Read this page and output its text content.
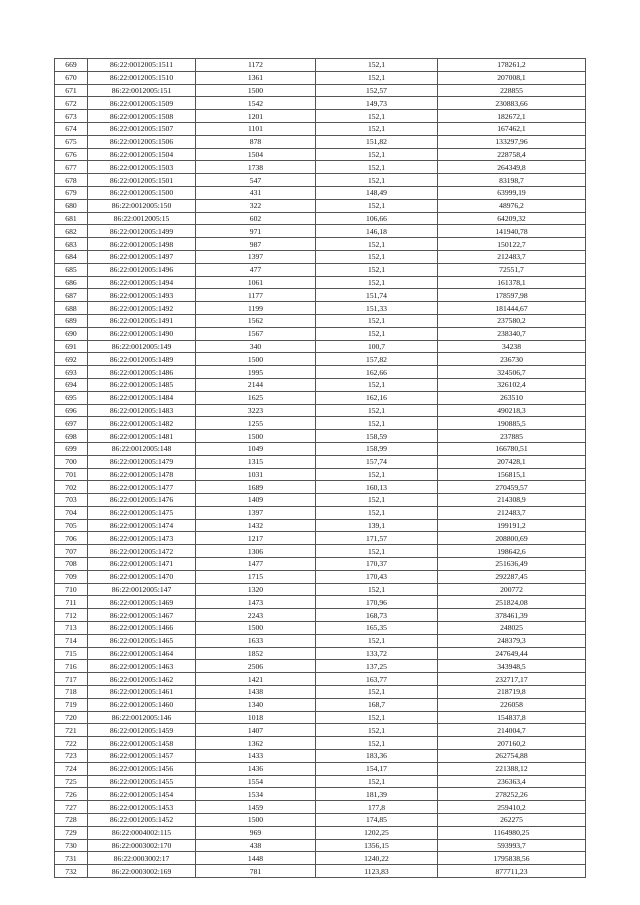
669	86:22:0012005:1511	1172	152,1	178261,2
670	86:22:0012005:1510	1361	152,1	207008,1
671	86:22:0012005:151	1500	152,57	228855
672	86:22:0012005:1509	1542	149,73	230883,66
673	86:22:0012005:1508	1201	152,1	182672,1
674	86:22:0012005:1507	1101	152,1	167462,1
675	86:22:0012005:1506	878	151,82	133297,96
676	86:22:0012005:1504	1504	152,1	228758,4
677	86:22:0012005:1503	1738	152,1	264349,8
678	86:22:0012005:1501	547	152,1	83198,7
679	86:22:0012005:1500	431	148,49	63999,19
680	86:22:0012005:150	322	152,1	48976,2
681	86:22:0012005:15	602	106,66	64209,32
682	86:22:0012005:1499	971	146,18	141940,78
683	86:22:0012005:1498	987	152,1	150122,7
684	86:22:0012005:1497	1397	152,1	212483,7
685	86:22:0012005:1496	477	152,1	72551,7
686	86:22:0012005:1494	1061	152,1	161378,1
687	86:22:0012005:1493	1177	151,74	178597,98
688	86:22:0012005:1492	1199	151,33	181444,67
689	86:22:0012005:1491	1562	152,1	237580,2
690	86:22:0012005:1490	1567	152,1	238340,7
691	86:22:0012005:149	340	100,7	34238
692	86:22:0012005:1489	1500	157,82	236730
693	86:22:0012005:1486	1995	162,66	324506,7
694	86:22:0012005:1485	2144	152,1	326102,4
695	86:22:0012005:1484	1625	162,16	263510
696	86:22:0012005:1483	3223	152,1	490218,3
697	86:22:0012005:1482	1255	152,1	190885,5
698	86:22:0012005:1481	1500	158,59	237885
699	86:22:0012005:148	1049	158,99	166780,51
700	86:22:0012005:1479	1315	157,74	207428,1
701	86:22:0012005:1478	1031	152,1	156815,1
702	86:22:0012005:1477	1689	160,13	270459,57
703	86:22:0012005:1476	1409	152,1	214308,9
704	86:22:0012005:1475	1397	152,1	212483,7
705	86:22:0012005:1474	1432	139,1	199191,2
706	86:22:0012005:1473	1217	171,57	208800,69
707	86:22:0012005:1472	1306	152,1	198642,6
708	86:22:0012005:1471	1477	170,37	251636,49
709	86:22:0012005:1470	1715	170,43	292287,45
710	86:22:0012005:147	1320	152,1	200772
711	86:22:0012005:1469	1473	170,96	251824,08
712	86:22:0012005:1467	2243	168,73	378461,39
713	86:22:0012005:1466	1500	165,35	248025
714	86:22:0012005:1465	1633	152,1	248379,3
715	86:22:0012005:1464	1852	133,72	247649,44
716	86:22:0012005:1463	2506	137,25	343948,5
717	86:22:0012005:1462	1421	163,77	232717,17
718	86:22:0012005:1461	1438	152,1	218719,8
719	86:22:0012005:1460	1340	168,7	226058
720	86:22:0012005:146	1018	152,1	154837,8
721	86:22:0012005:1459	1407	152,1	214004,7
722	86:22:0012005:1458	1362	152,1	207160,2
723	86:22:0012005:1457	1433	183,36	262754,88
724	86:22:0012005:1456	1436	154,17	221388,12
725	86:22:0012005:1455	1554	152,1	236363,4
726	86:22:0012005:1454	1534	181,39	278252,26
727	86:22:0012005:1453	1459	177,8	259410,2
728	86:22:0012005:1452	1500	174,85	262275
729	86:22:0004002:115	969	1202,25	1164980,25
730	86:22:0003002:170	438	1356,15	593993,7
731	86:22:0003002:17	1448	1240,22	1795838,56
732	86:22:0003002:169	781	1123,83	877711,23
